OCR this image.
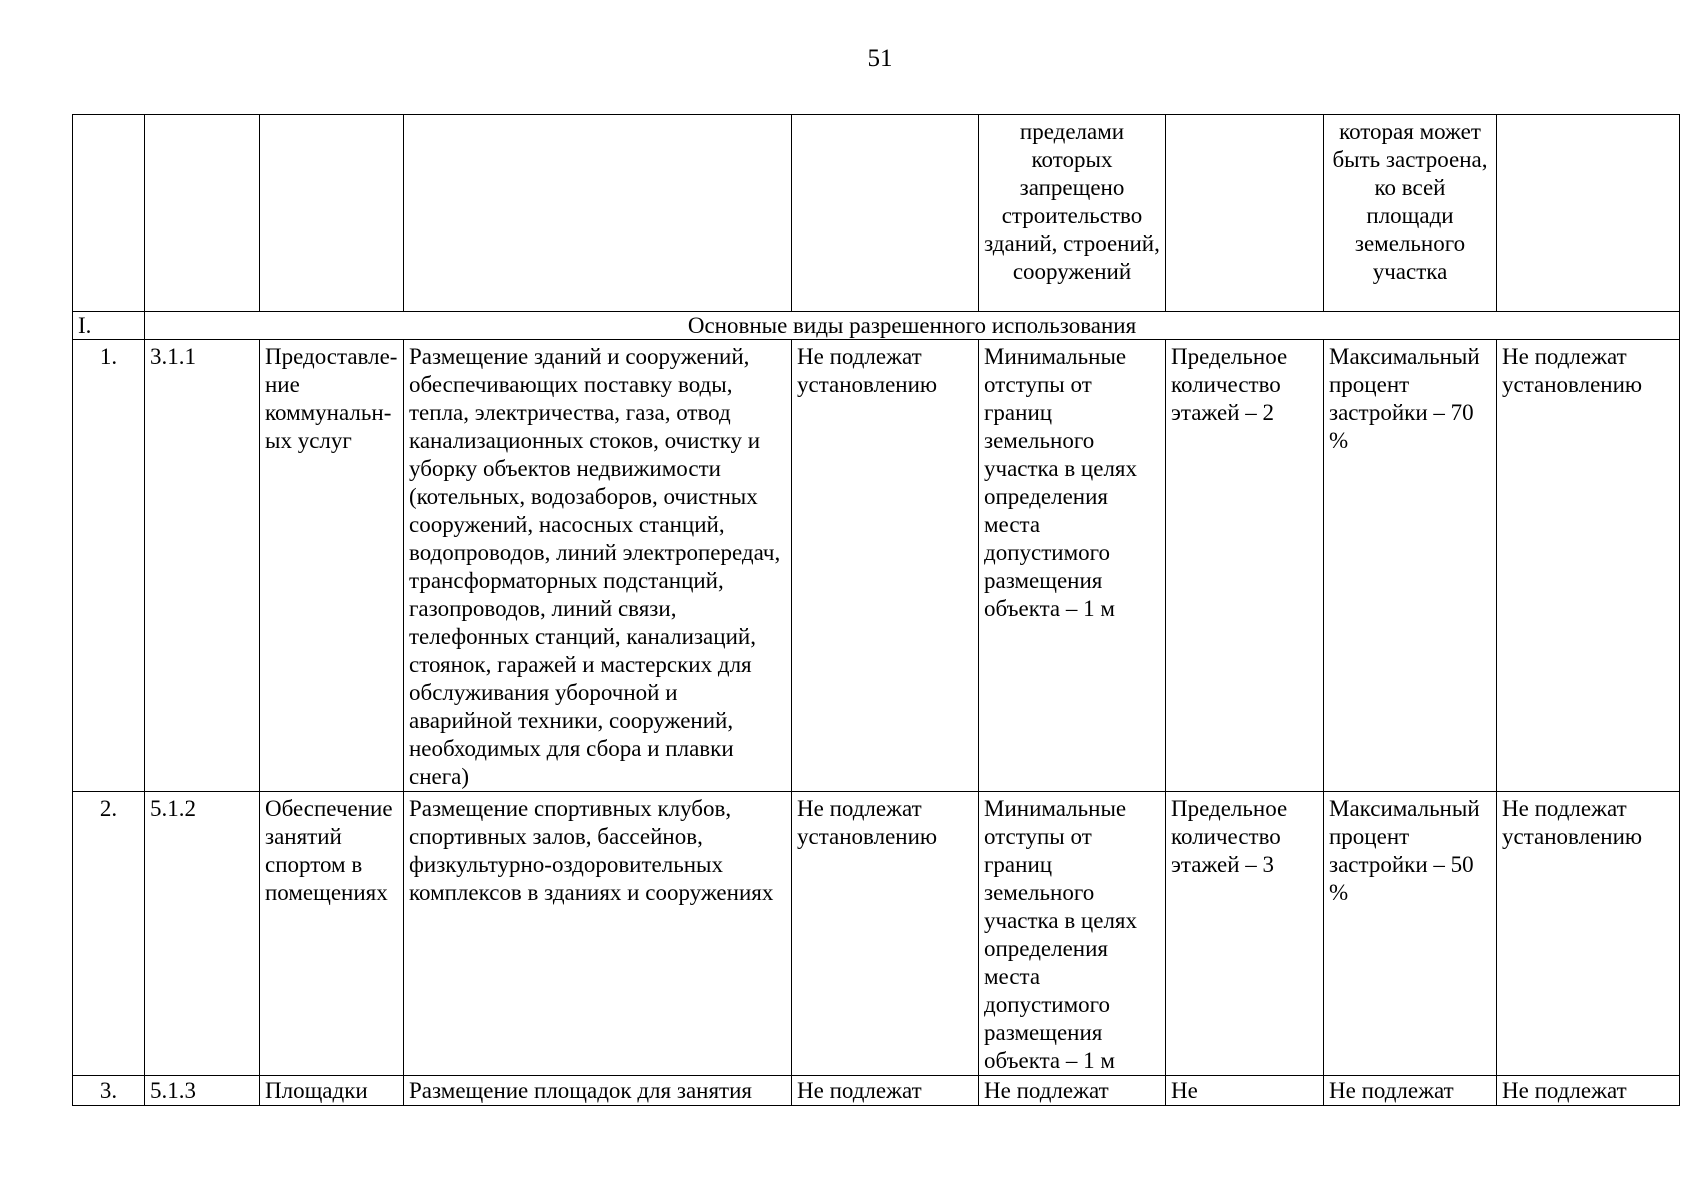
51
					пределами которых запрещено строительство зданий, строений, сооружений		которая может быть застроена, ко всей площади земельного участка	
I.	Основные виды разрешенного использования							
1.	3.1.1	Предоставление коммунальных услуг	Размещение зданий и сооружений, обеспечивающих поставку воды, тепла, электричества, газа, отвод канализационных стоков, очистку и уборку объектов недвижимости (котельных, водозаборов, очистных сооружений, насосных станций, водопроводов, линий электропередач, трансформаторных подстанций, газопроводов, линий связи, телефонных станций, канализаций, стоянок, гаражей и мастерских для обслуживания уборочной и аварийной техники, сооружений, необходимых для сбора и плавки снега)	Не подлежат установлению	Минимальные отступы от границ земельного участка в целях определения места допустимого размещения объекта – 1 м	Предельное количество этажей – 2	Максимальный процент застройки – 70 %	Не подлежат установлению
2.	5.1.2	Обеспечениe занятий спортом в помещениях	Размещение спортивных клубов, спортивных залов, бассейнов, физкультурно-оздоровительных комплексов в зданиях и сооружениях	Не подлежат установлению	Минимальные отступы от границ земельного участка в целях определения места допустимого размещения объекта – 1 м	Предельное количество этажей – 3	Максимальный процент застройки – 50 %	Не подлежат установлению
3.	5.1.3	Площадки	Размещение площадок для занятия	Не подлежат	Не подлежат	Не	Не подлежат	Не подлежат
